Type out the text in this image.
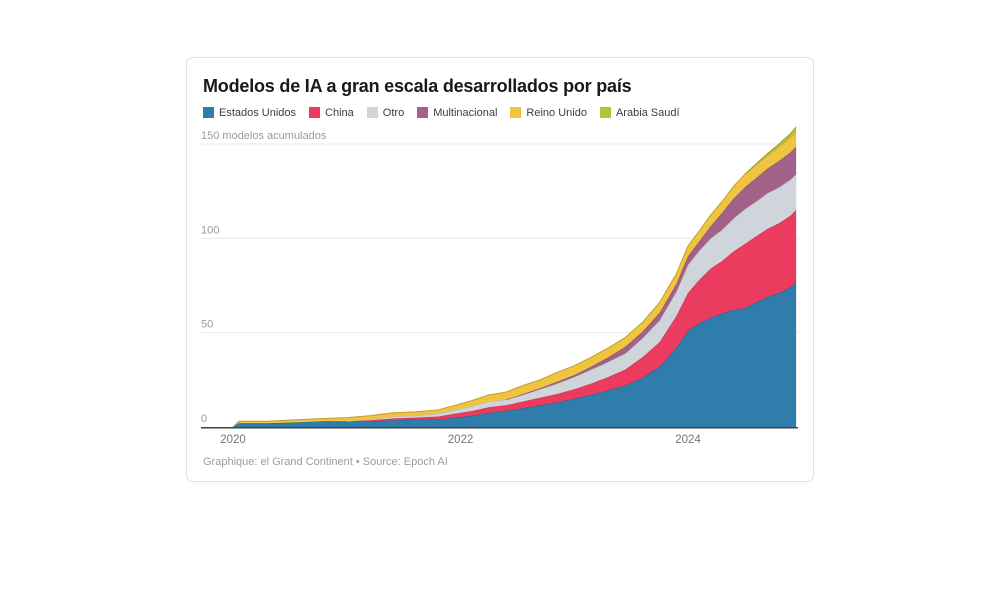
Modelos de IA a gran escala desarrollados por país
Estados Unidos	China	Otro	Multinacional	Reino Unido	Arabia Saudí
0
50
100
150 modelos acumulados
2020	2022	2024
Graphique: el Grand Continent • Source: Epoch AI
